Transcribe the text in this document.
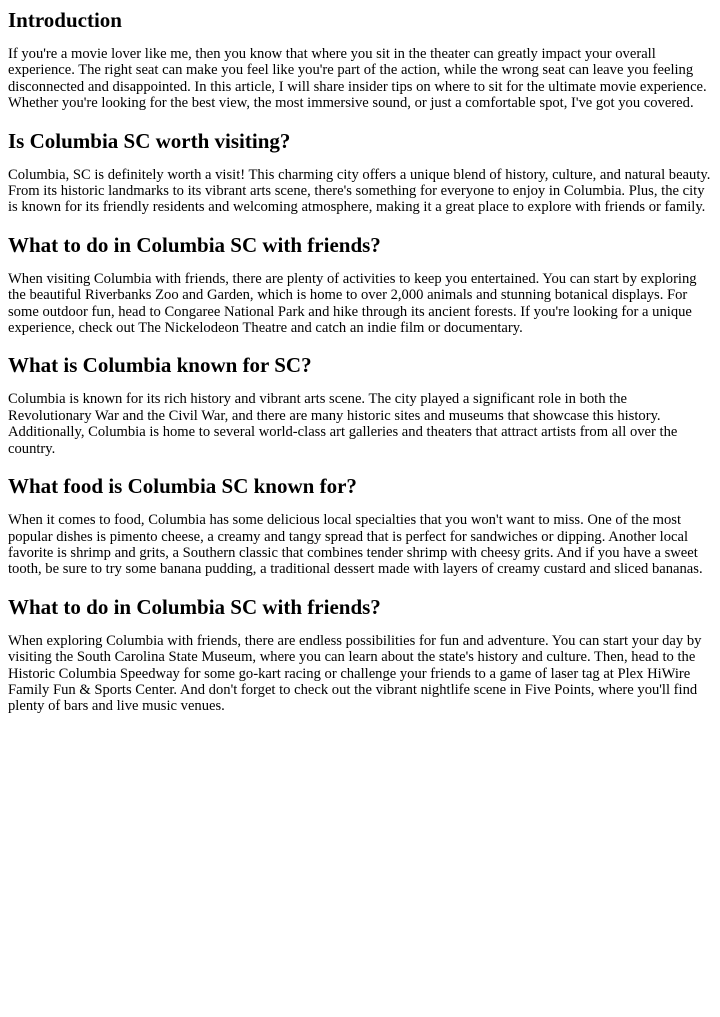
Introduction

If you're a movie lover like me, then you know that where you sit in the theater can greatly impact your overall experience. The right seat can make you feel like you're part of the action, while the wrong seat can leave you feeling disconnected and disappointed. In this article, I will share insider tips on where to sit for the ultimate movie experience. Whether you're looking for the best view, the most immersive sound, or just a comfortable spot, I've got you covered.

Is Columbia SC worth visiting?

Columbia, SC is definitely worth a visit! This charming city offers a unique blend of history, culture, and natural beauty. From its historic landmarks to its vibrant arts scene, there's something for everyone to enjoy in Columbia. Plus, the city is known for its friendly residents and welcoming atmosphere, making it a great place to explore with friends or family.

What to do in Columbia SC with friends?

When visiting Columbia with friends, there are plenty of activities to keep you entertained. You can start by exploring the beautiful Riverbanks Zoo and Garden, which is home to over 2,000 animals and stunning botanical displays. For some outdoor fun, head to Congaree National Park and hike through its ancient forests. If you're looking for a unique experience, check out The Nickelodeon Theatre and catch an indie film or documentary.

What is Columbia known for SC?

Columbia is known for its rich history and vibrant arts scene. The city played a significant role in both the Revolutionary War and the Civil War, and there are many historic sites and museums that showcase this history. Additionally, Columbia is home to several world-class art galleries and theaters that attract artists from all over the country.

What food is Columbia SC known for?

When it comes to food, Columbia has some delicious local specialties that you won't want to miss. One of the most popular dishes is pimento cheese, a creamy and tangy spread that is perfect for sandwiches or dipping. Another local favorite is shrimp and grits, a Southern classic that combines tender shrimp with cheesy grits. And if you have a sweet tooth, be sure to try some banana pudding, a traditional dessert made with layers of creamy custard and sliced bananas.

What to do in Columbia SC with friends?

When exploring Columbia with friends, there are endless possibilities for fun and adventure. You can start your day by visiting the South Carolina State Museum, where you can learn about the state's history and culture. Then, head to the Historic Columbia Speedway for some go-kart racing or challenge your friends to a game of laser tag at Plex HiWire Family Fun & Sports Center. And don't forget to check out the vibrant nightlife scene in Five Points, where you'll find plenty of bars and live music venues.
